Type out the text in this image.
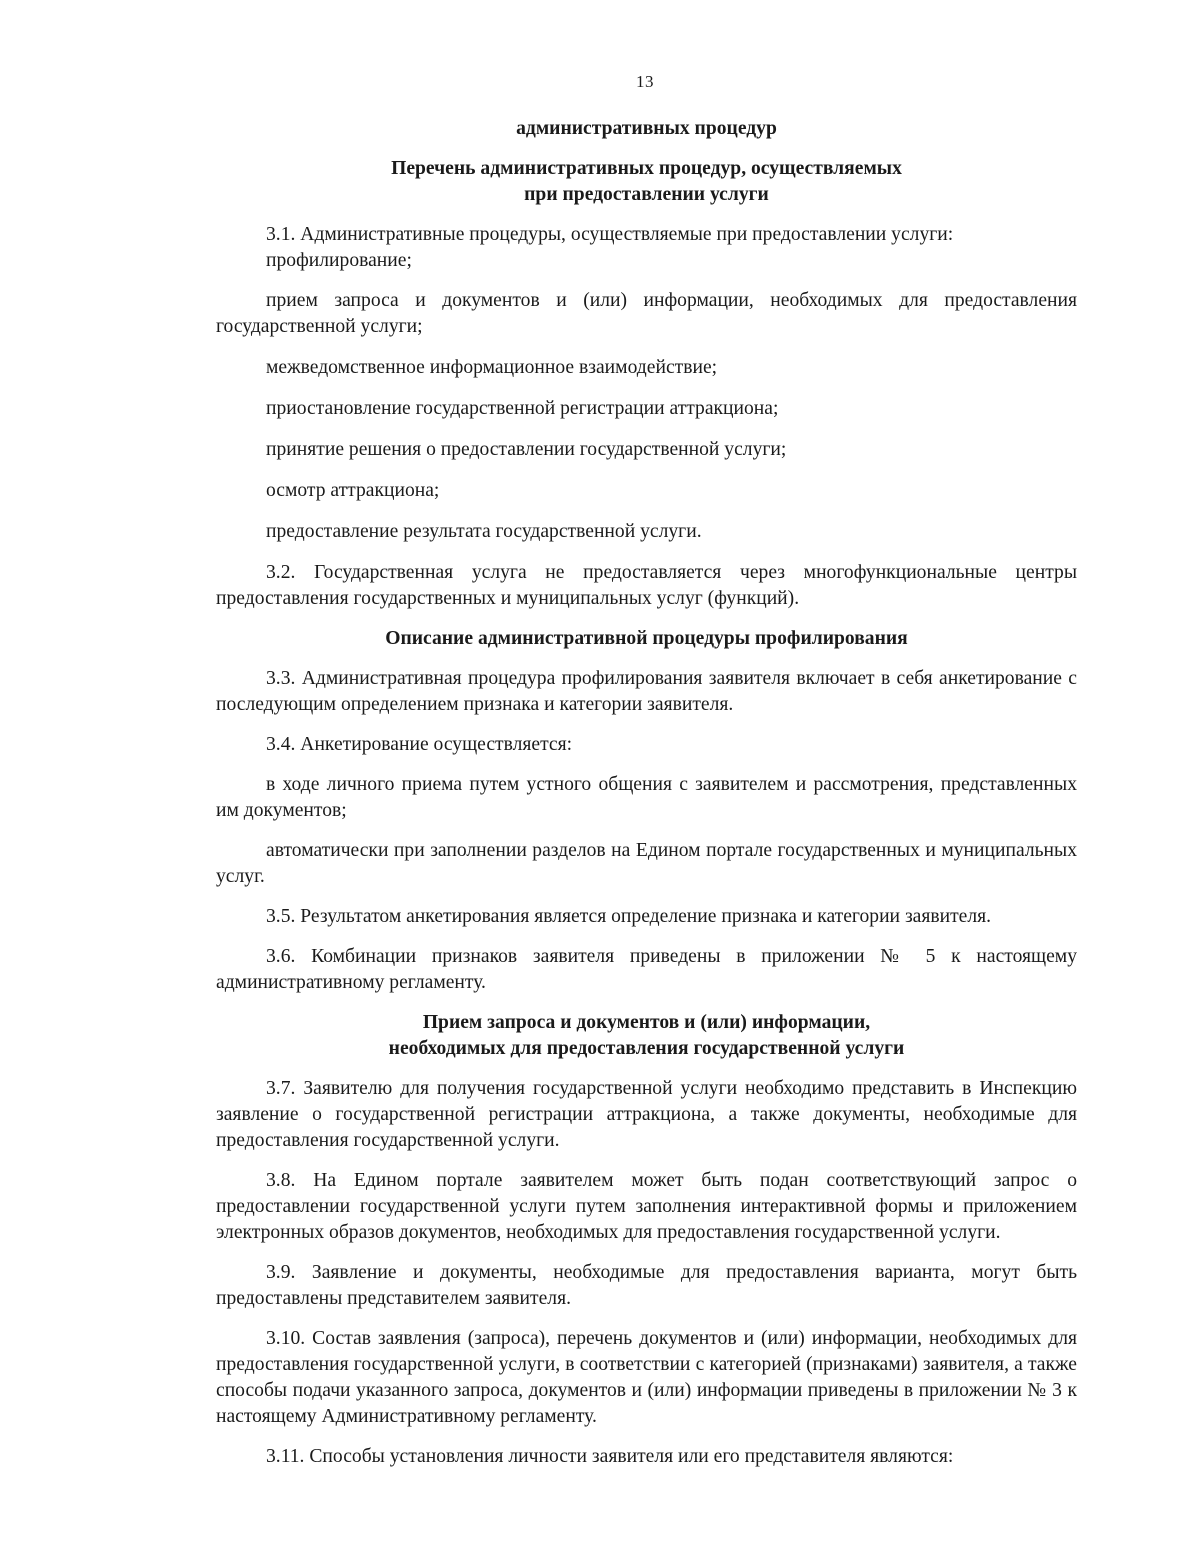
13

административных процедур

Перечень административных процедур, осуществляемых
при предоставлении услуги

3.1. Административные процедуры, осуществляемые при предоставлении услуги:

профилирование;

прием запроса и документов и (или) информации, необходимых для предоставления государственной услуги;

межведомственное информационное взаимодействие;

приостановление государственной регистрации аттракциона;

принятие решения о предоставлении государственной услуги;

осмотр аттракциона;

предоставление результата государственной услуги.

3.2. Государственная услуга не предоставляется через многофункциональные центры предоставления государственных и муниципальных услуг (функций).

Описание административной процедуры профилирования

3.3. Административная процедура профилирования заявителя включает в себя анкетирование с последующим определением признака и категории заявителя.

3.4. Анкетирование осуществляется:

в ходе личного приема путем устного общения с заявителем и рассмотрения, представленных им документов;

автоматически при заполнении разделов на Едином портале государственных и муниципальных услуг.

3.5. Результатом анкетирования является определение признака и категории заявителя.

3.6. Комбинации признаков заявителя приведены в приложении № 5 к настоящему административному регламенту.

Прием запроса и документов и (или) информации,
необходимых для предоставления государственной услуги

3.7. Заявителю для получения государственной услуги необходимо представить в Инспекцию заявление о государственной регистрации аттракциона, а также документы, необходимые для предоставления государственной услуги.

3.8. На Едином портале заявителем может быть подан соответствующий запрос о предоставлении государственной услуги путем заполнения интерактивной формы и приложением электронных образов документов, необходимых для предоставления государственной услуги.

3.9. Заявление и документы, необходимые для предоставления варианта, могут быть предоставлены представителем заявителя.

3.10. Состав заявления (запроса), перечень документов и (или) информации, необходимых для предоставления государственной услуги, в соответствии с категорией (признаками) заявителя, а также способы подачи указанного запроса, документов и (или) информации приведены в приложении № 3 к настоящему Административному регламенту.

3.11. Способы установления личности заявителя или его представителя являются:
